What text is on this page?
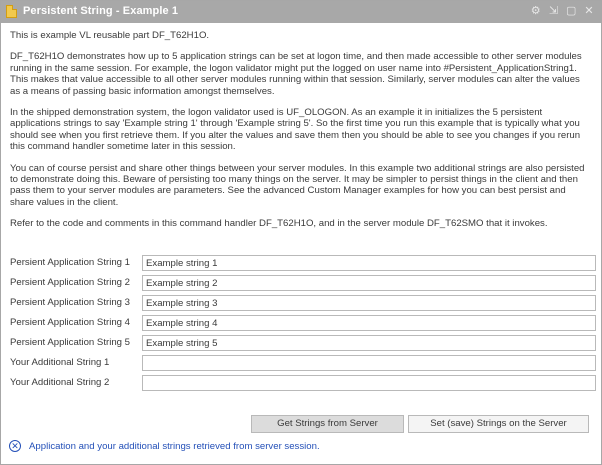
Persistent String - Example 1	⚙ ⇲ ▢ ✕

This is example VL reusable part DF_T62H1O.

DF_T62H1O demonstrates how up to 5 application strings can be set at logon time, and then made accessible to other server modules running in the same session. For example, the logon validator might put the logged on user name into #Persistent_ApplicationString1. This makes that value accessible to all other server modules running within that session. Similarly, server modules can alter the values as a means of passing basic information amongst themselves.

In the shipped demonstration system, the logon validator used is UF_OLOGON. As an example it in initializes the 5 persistent applications strings to say 'Example string 1' through 'Example string 5'. So the first time you run this example that is typically what you should see when you first retrieve them. If you alter the values and save them then you should be able to see you changes if you rerun this command handler sometime later in this session.

You can of course persist and share other things between your server modules. In this example two additional strings are also persisted to demonstrate doing this. Beware of persisting too many things on the server. It may be simpler to persist things in the client and then pass them to your server modules are parameters. See the advanced Custom Manager examples for how you can best persist and share values in the client.

Refer to the code and comments in this command handler DF_T62H1O, and in the server module DF_T62SMO that it invokes.

Persient Application String 1
Example string 1
Persient Application String 2
Example string 2
Persient Application String 3
Example string 3
Persient Application String 4
Example string 4
Persient Application String 5
Example string 5
Your Additional String 1
Your Additional String 2
Get Strings from Server	Set (save) Strings on the Server
✕ Application and your additional strings retrieved from server session.
